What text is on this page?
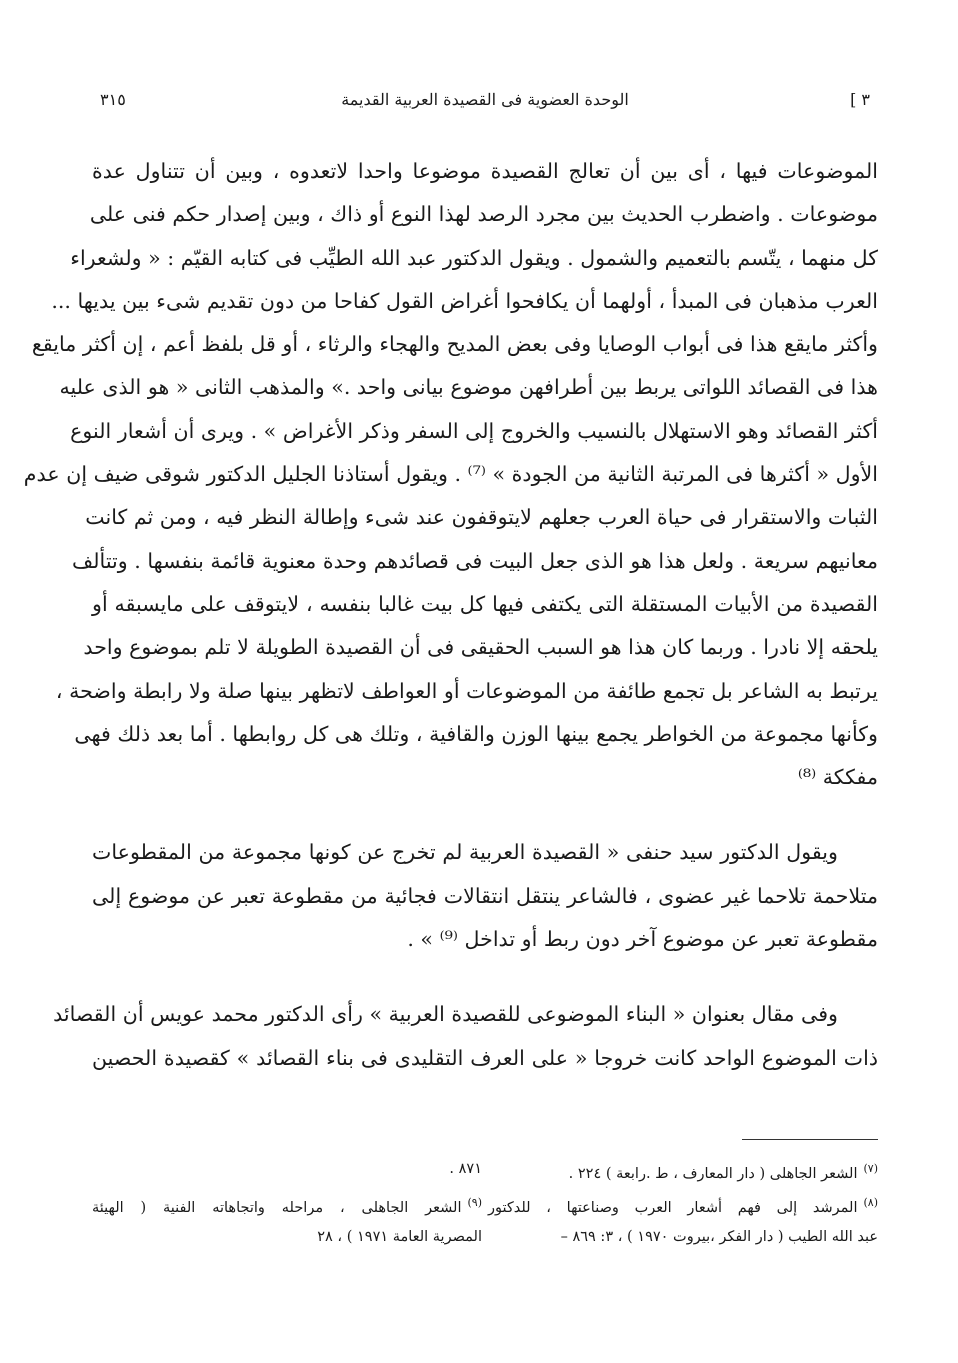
٣ ]
الوحدة العضوية فى القصيدة العربية القديمة
٣١٥
الموضوعات فيها ، أى بين أن تعالج القصيدة موضوعا واحدا لاتعدوه ، وبين أن تتناول عدة
موضوعات . واضطرب الحديث بين مجرد الرصد لهذا النوع أو ذاك ، وبين إصدار حكم فنى على
كل منهما ، يتّسم بالتعميم والشمول . ويقول الدكتور عبد الله الطيِّب فى كتابه القيّم : « ولشعراء
العرب مذهبان فى المبدأ ، أولهما أن يكافحوا أغراض القول كفاحا من دون تقديم شىء بين يديها ...
وأكثر مايقع هذا فى أبواب الوصايا وفى بعض المديح والهجاء والرثاء ، أو قل بلفظ أعم ، إن أكثر مايقع
هذا فى القصائد اللواتى يربط بين أطرافهن موضوع بيانى واحد .» والمذهب الثانى « هو الذى عليه
أكثر القصائد وهو الاستهلال بالنسيب والخروج إلى السفر وذكر الأغراض » . ويرى أن أشعار النوع
الأول « أكثرها فى المرتبة الثانية من الجودة » ⁽⁷⁾ . ويقول أستاذنا الجليل الدكتور شوقى ضيف إن عدم
الثبات والاستقرار فى حياة العرب جعلهم لايتوقفون عند شىء وإطالة النظر فيه ، ومن ثم كانت
معانيهم سريعة . ولعل هذا هو الذى جعل البيت فى قصائدهم وحدة معنوية قائمة بنفسها . وتتألف
القصيدة من الأبيات المستقلة التى يكتفى فيها كل بيت غالبا بنفسه ، لايتوقف على مايسبقه أو
يلحقه إلا نادرا . وربما كان هذا هو السبب الحقيقى فى أن القصيدة الطويلة لا تلم بموضوع واحد
يرتبط به الشاعر بل تجمع طائفة من الموضوعات أو العواطف لاتظهر بينها صلة ولا رابطة واضحة ،
وكأنها مجموعة من الخواطر يجمع بينها الوزن والقافية ، وتلك هى كل روابطها . أما بعد ذلك فهى
مفككة ⁽⁸⁾
ويقول الدكتور سيد حنفى « القصيدة العربية لم تخرج عن كونها مجموعة من المقطوعات
متلاحمة تلاحما غير عضوى ، فالشاعر ينتقل انتقالات فجائية من مقطوعة تعبر عن موضوع إلى
مقطوعة تعبر عن موضوع آخر دون ربط أو تداخل ⁽⁹⁾ » .
وفى مقال بعنوان « البناء الموضوعى للقصيدة العربية » رأى الدكتور محمد عويس أن القصائد
ذات الموضوع الواحد كانت خروجا « على العرف التقليدى فى بناء القصائد » كقصيدة الحصين
$^{(٧)}$الشعر الجاهلى ( دار المعارف ، ط .رابعة ) ٢٢٤ .
$^{(٨)}$المرشد إلى فهم أشعار العرب وصناعتها ، للدكتور
عبد الله الطيب ( دار الفكر ،بيروت ١٩٧٠ ) ، ٣: ٨٦٩ –
٨٧١ .
$^{(٩)}$الشعر الجاهلى ، مراحله واتجاهاته الفنية ( الهيئة
المصرية العامة ١٩٧١ ) ، ٢٨
